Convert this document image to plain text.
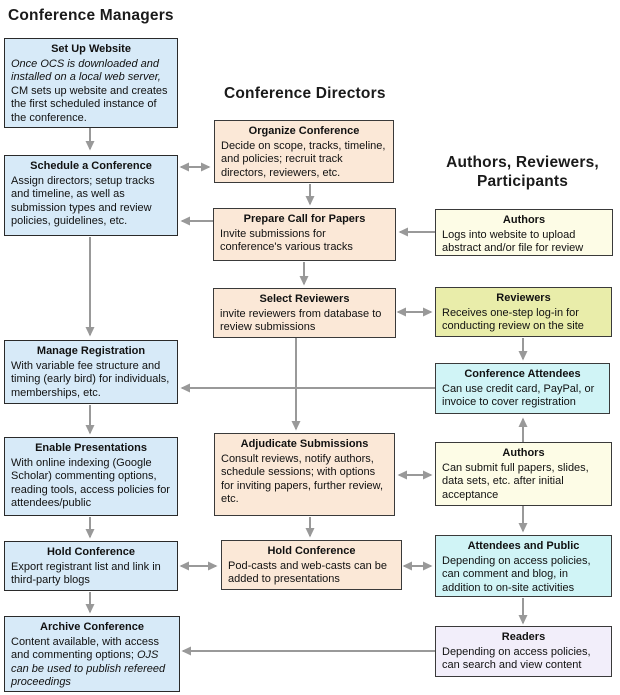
Conference Managers
Conference Directors
Authors, Reviewers,
Participants
Set Up Website
Once OCS is downloaded and installed on a local web server, CM sets up website and creates the first scheduled instance of the conference.
Schedule a Conference
Assign directors; setup tracks and timeline, as well as submission types and review policies, guidelines, etc.
Manage Registration
With variable fee structure and timing (early bird) for individuals, memberships, etc.
Enable Presentations
With online indexing (Google Scholar) commenting options, reading tools, access policies for attendees/public
Hold Conference
Export registrant list and link in third-party blogs
Archive Conference
Content available, with access and commenting options; OJS can be used to publish refereed proceedings
Organize Conference
Decide on scope, tracks, timeline, and policies; recruit track directors, reviewers, etc.
Prepare Call for Papers
Invite submissions for conference's various tracks
Select Reviewers
invite reviewers from database to review submissions
Adjudicate Submissions
Consult reviews, notify authors, schedule sessions; with options for inviting papers, further review, etc.
Hold Conference
Pod-casts and web-casts can be added to presentations
Authors
Logs into website to upload abstract and/or file for review
Reviewers
Receives one-step log-in for conducting review on the site
Conference Attendees
Can use credit card, PayPal, or invoice to cover registration
Authors
Can submit full papers, slides, data sets, etc. after initial acceptance
Attendees and Public
Depending on access policies, can comment and blog, in addition to on-site activities
Readers
Depending on access policies, can search and view content
